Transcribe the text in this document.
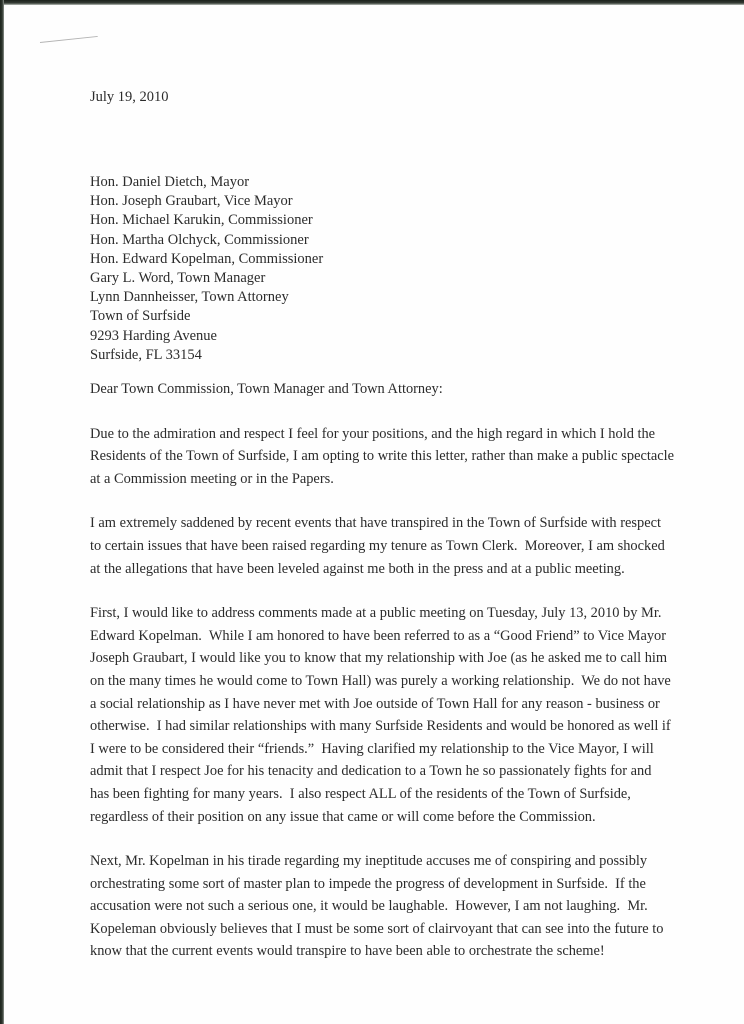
July 19, 2010
Hon. Daniel Dietch, Mayor
Hon. Joseph Graubart, Vice Mayor
Hon. Michael Karukin, Commissioner
Hon. Martha Olchyck, Commissioner
Hon. Edward Kopelman, Commissioner
Gary L. Word, Town Manager
Lynn Dannheisser, Town Attorney
Town of Surfside
9293 Harding Avenue
Surfside, FL 33154

Dear Town Commission, Town Manager and Town Attorney:

Due to the admiration and respect I feel for your positions, and the high regard in which I hold the Residents of the Town of Surfside, I am opting to write this letter, rather than make a public spectacle at a Commission meeting or in the Papers.

I am extremely saddened by recent events that have transpired in the Town of Surfside with respect to certain issues that have been raised regarding my tenure as Town Clerk.  Moreover, I am shocked at the allegations that have been leveled against me both in the press and at a public meeting.

First, I would like to address comments made at a public meeting on Tuesday, July 13, 2010 by Mr. Edward Kopelman.  While I am honored to have been referred to as a “Good Friend” to Vice Mayor Joseph Graubart, I would like you to know that my relationship with Joe (as he asked me to call him on the many times he would come to Town Hall) was purely a working relationship.  We do not have a social relationship as I have never met with Joe outside of Town Hall for any reason - business or otherwise.  I had similar relationships with many Surfside Residents and would be honored as well if I were to be considered their “friends.”  Having clarified my relationship to the Vice Mayor, I will admit that I respect Joe for his tenacity and dedication to a Town he so passionately fights for and has been fighting for many years.  I also respect ALL of the residents of the Town of Surfside, regardless of their position on any issue that came or will come before the Commission.

Next, Mr. Kopelman in his tirade regarding my ineptitude accuses me of conspiring and possibly orchestrating some sort of master plan to impede the progress of development in Surfside.  If the accusation were not such a serious one, it would be laughable.  However, I am not laughing.  Mr. Kopeleman obviously believes that I must be some sort of clairvoyant that can see into the future to know that the current events would transpire to have been able to orchestrate the scheme!
